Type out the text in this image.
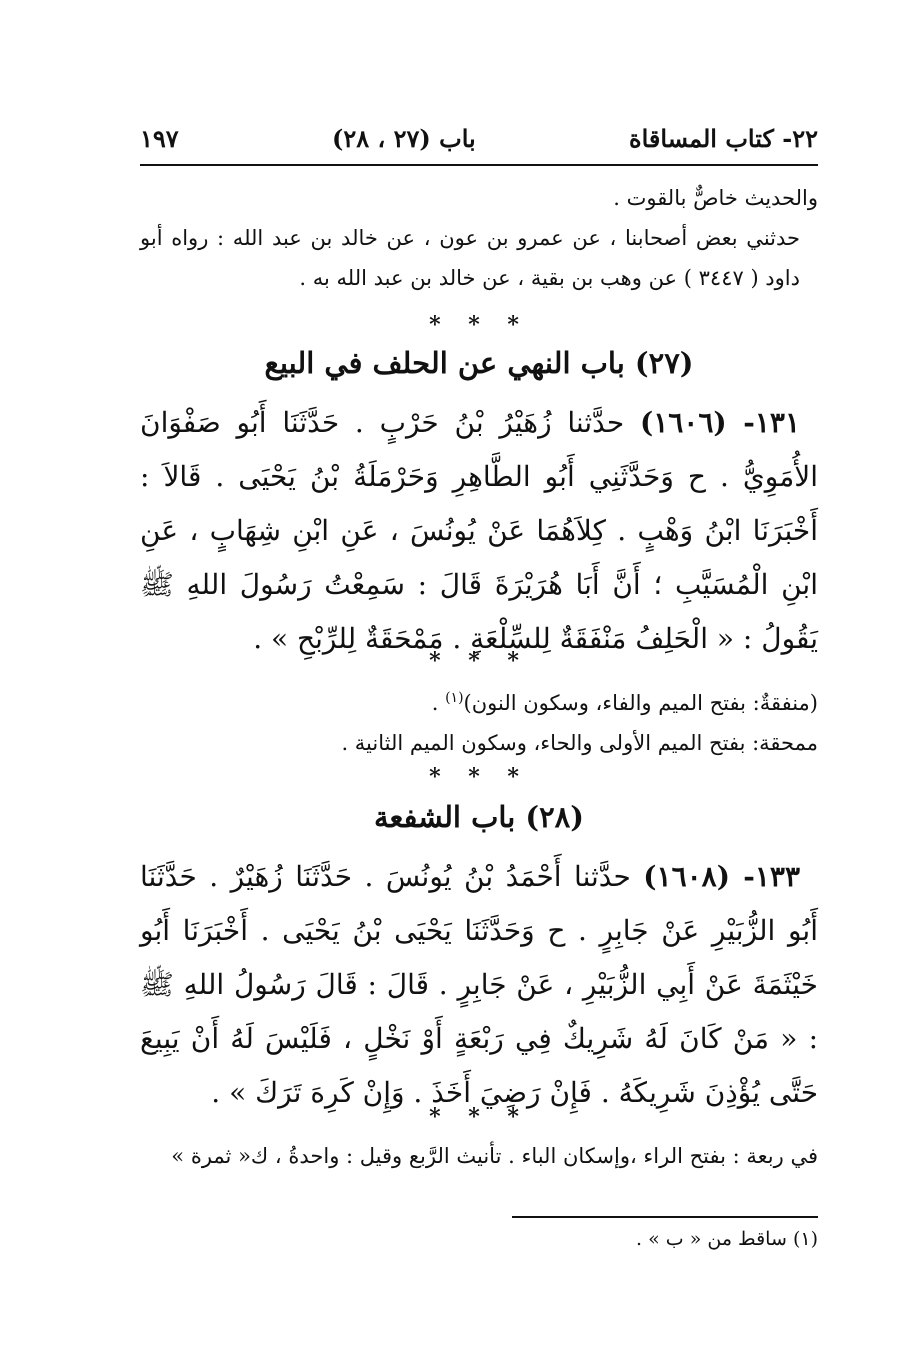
٢٢- كتاب المساقاة
باب (٢٧ ، ٢٨)
١٩٧
والحديث خاصٌّ بالقوت .
حدثني بعض أصحابنا ، عن عمرو بن عون ، عن خالد بن عبد الله : رواه أبو داود ( ٣٤٤٧ ) عن وهب بن بقية ، عن خالد بن عبد الله به .
* * *
(٢٧) باب النهي عن الحلف في البيع
١٣١- (١٦٠٦) حدَّثنا زُهَيْرُ بْنُ حَرْبٍ . حَدَّثَنَا أَبُو صَفْوَانَ الأُمَوِيُّ . ح وَحَدَّثَنِي أَبُو الطَّاهِرِ وَحَرْمَلَةُ بْنُ يَحْيَى . قَالاَ : أَخْبَرَنَا ابْنُ وَهْبٍ . كِلاَهُمَا عَنْ يُونُسَ ، عَنِ ابْنِ شِهَابٍ ، عَنِ ابْنِ الْمُسَيَّبِ ؛ أَنَّ أَبَا هُرَيْرَةَ قَالَ : سَمِعْتُ رَسُولَ اللهِ ﷺ يَقُولُ : « الْحَلِفُ مَنْفَقَةٌ لِلسِّلْعَةِ . مَمْحَقَةٌ لِلرِّبْحِ » .
* * *
(منفقةٌ: بفتح الميم والفاء، وسكون النون)$^{(١)}$ .
ممحقة: بفتح الميم الأولى والحاء، وسكون الميم الثانية .
* * *
(٢٨) باب الشفعة
١٣٣- (١٦٠٨) حدَّثنا أَحْمَدُ بْنُ يُونُسَ . حَدَّثَنَا زُهَيْرٌ . حَدَّثَنَا أَبُو الزُّبَيْرِ عَنْ جَابِرٍ . ح وَحَدَّثَنَا يَحْيَى بْنُ يَحْيَى . أَخْبَرَنَا أَبُو خَيْثَمَةَ عَنْ أَبِي الزُّبَيْرِ ، عَنْ جَابِرٍ . قَالَ : قَالَ رَسُولُ اللهِ ﷺ : « مَنْ كَانَ لَهُ شَرِيكٌ فِي رَبْعَةٍ أَوْ نَخْلٍ ، فَلَيْسَ لَهُ أَنْ يَبِيعَ حَتَّى يُؤْذِنَ شَرِيكَهُ . فَإِنْ رَضِيَ أَخَذَ . وَإِنْ كَرِهَ تَرَكَ » .
* * *
في ربعة : بفتح الراء ،وإسكان الباء . تأنيث الرَّبع وقيل : واحدةُ ، ك« ثمرة »
(١) ساقط من « ب » .
